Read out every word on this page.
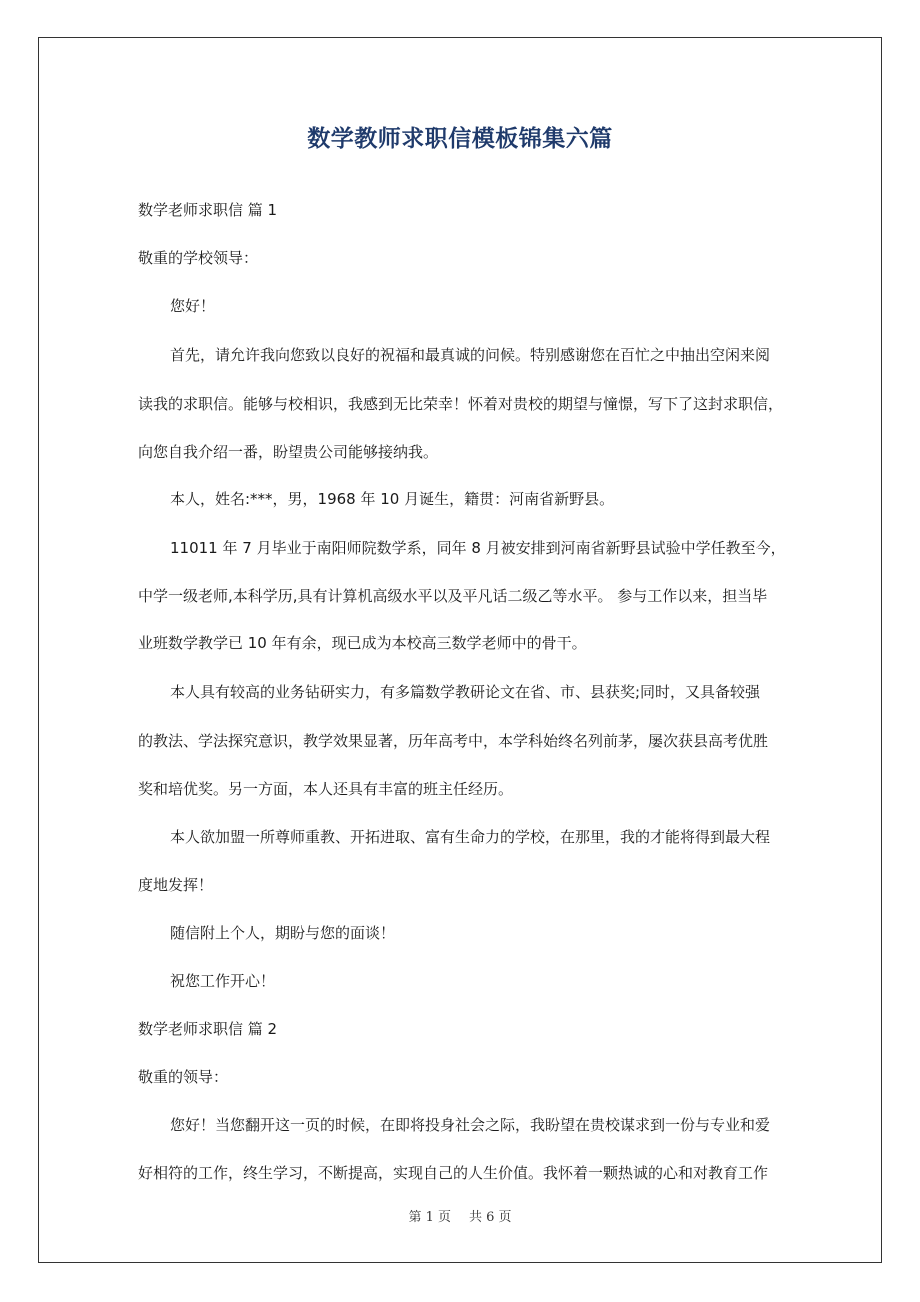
数学教师求职信模板锦集六篇

数学老师求职信 篇 1

敬重的学校领导：

您好！

首先，请允许我向您致以良好的祝福和最真诚的问候。特别感谢您在百忙之中抽出空闲来阅

读我的求职信。能够与校相识，我感到无比荣幸！怀着对贵校的期望与憧憬，写下了这封求职信，

向您自我介绍一番，盼望贵公司能够接纳我。

本人，姓名:***，男，1968 年 10 月诞生，籍贯：河南省新野县。

11011 年 7 月毕业于南阳师院数学系，同年 8 月被安排到河南省新野县试验中学任教至今，

中学一级老师,本科学历,具有计算机高级水平以及平凡话二级乙等水平。 参与工作以来，担当毕

业班数学教学已 10 年有余，现已成为本校高三数学老师中的骨干。

本人具有较高的业务钻研实力，有多篇数学教研论文在省、市、县获奖;同时，又具备较强

的教法、学法探究意识，教学效果显著，历年高考中，本学科始终名列前茅，屡次获县高考优胜

奖和培优奖。另一方面，本人还具有丰富的班主任经历。

本人欲加盟一所尊师重教、开拓进取、富有生命力的学校，在那里，我的才能将得到最大程

度地发挥！

随信附上个人，期盼与您的面谈！

祝您工作开心！

数学老师求职信 篇 2

敬重的领导：

您好！当您翻开这一页的时候，在即将投身社会之际，我盼望在贵校谋求到一份与专业和爱

好相符的工作，终生学习，不断提高，实现自己的人生价值。我怀着一颗热诚的心和对教育工作

第 1 页 共 6 页
